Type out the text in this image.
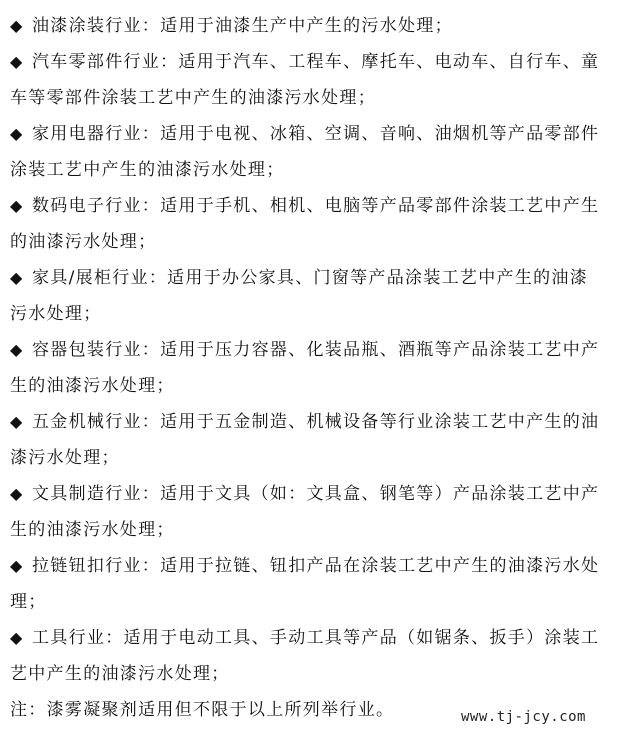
◆ 油漆涂装行业：适用于油漆生产中产生的污水处理；

◆ 汽车零部件行业：适用于汽车、工程车、摩托车、电动车、自行车、童车等零部件涂装工艺中产生的油漆污水处理；

◆ 家用电器行业：适用于电视、冰箱、空调、音响、油烟机等产品零部件涂装工艺中产生的油漆污水处理；

◆ 数码电子行业：适用于手机、相机、电脑等产品零部件涂装工艺中产生的油漆污水处理；

◆ 家具/展柜行业：适用于办公家具、门窗等产品涂装工艺中产生的油漆污水处理；

◆ 容器包装行业：适用于压力容器、化装品瓶、酒瓶等产品涂装工艺中产生的油漆污水处理；

◆ 五金机械行业：适用于五金制造、机械设备等行业涂装工艺中产生的油漆污水处理；

◆ 文具制造行业：适用于文具（如：文具盒、钢笔等）产品涂装工艺中产生的油漆污水处理；

◆ 拉链钮扣行业：适用于拉链、钮扣产品在涂装工艺中产生的油漆污水处理；

◆ 工具行业：适用于电动工具、手动工具等产品（如锯条、扳手）涂装工艺中产生的油漆污水处理；

注：漆雾凝聚剂适用但不限于以上所列举行业。	www.tj-jcy.com
